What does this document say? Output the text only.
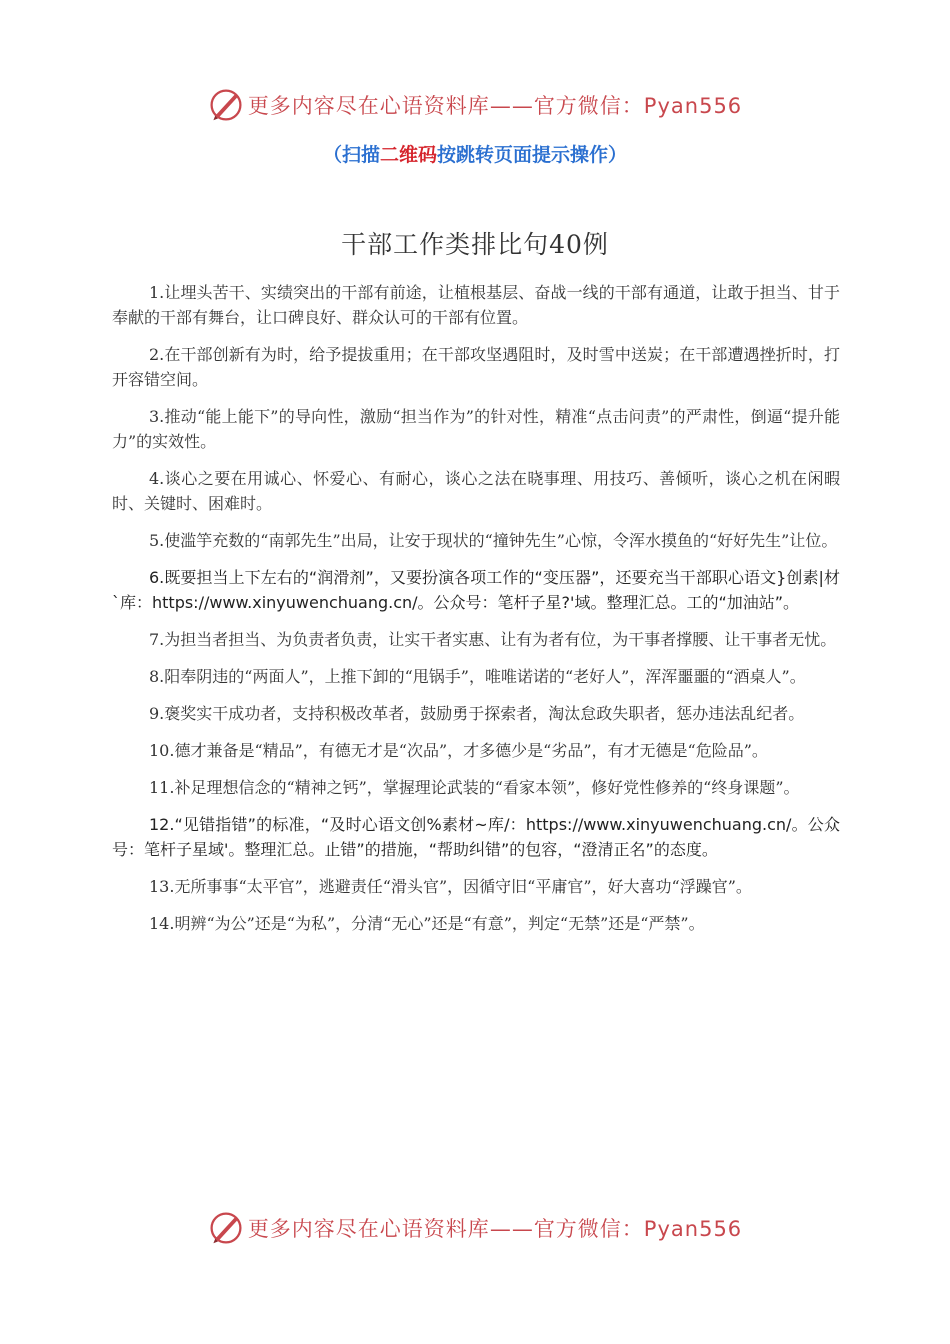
更多内容尽在心语资料库——官方微信：Pyan556
（扫描二维码按跳转页面提示操作）
干部工作类排比句40例

1.让埋头苦干、实绩突出的干部有前途，让植根基层、奋战一线的干部有通道，让敢于担当、甘于奉献的干部有舞台，让口碑良好、群众认可的干部有位置。

2.在干部创新有为时，给予提拔重用；在干部攻坚遇阻时，及时雪中送炭；在干部遭遇挫折时，打开容错空间。

3.推动“能上能下”的导向性，激励“担当作为”的针对性，精准“点击问责”的严肃性，倒逼“提升能力”的实效性。

4.谈心之要在用诚心、怀爱心、有耐心，谈心之法在晓事理、用技巧、善倾听，谈心之机在闲暇时、关键时、困难时。

5.使滥竽充数的“南郭先生”出局，让安于现状的“撞钟先生”心惊，令浑水摸鱼的“好好先生”让位。

6.既要担当上下左右的“润滑剂”，又要扮演各项工作的“变压器”，还要充当干部职心语文}创素|材`库：https://www.xinyuwenchuang.cn/。公众号：笔杆子星?'域。整理汇总。工的“加油站”。

7.为担当者担当、为负责者负责，让实干者实惠、让有为者有位，为干事者撑腰、让干事者无忧。

8.阳奉阴违的“两面人”，上推下卸的“甩锅手”，唯唯诺诺的“老好人”，浑浑噩噩的“酒桌人”。

9.褒奖实干成功者，支持积极改革者，鼓励勇于探索者，淘汰怠政失职者，惩办违法乱纪者。

10.德才兼备是“精品”，有德无才是“次品”，才多德少是“劣品”，有才无德是“危险品”。

11.补足理想信念的“精神之钙”，掌握理论武装的“看家本领”，修好党性修养的“终身课题”。

12.“见错指错”的标准，“及时心语文创%素材~库/：https://www.xinyuwenchuang.cn/。公众号：笔杆子星域'。整理汇总。止错”的措施，“帮助纠错”的包容，“澄清正名”的态度。

13.无所事事“太平官”，逃避责任“滑头官”，因循守旧“平庸官”，好大喜功“浮躁官”。

14.明辨“为公”还是“为私”，分清“无心”还是“有意”，判定“无禁”还是“严禁”。

更多内容尽在心语资料库——官方微信：Pyan556
